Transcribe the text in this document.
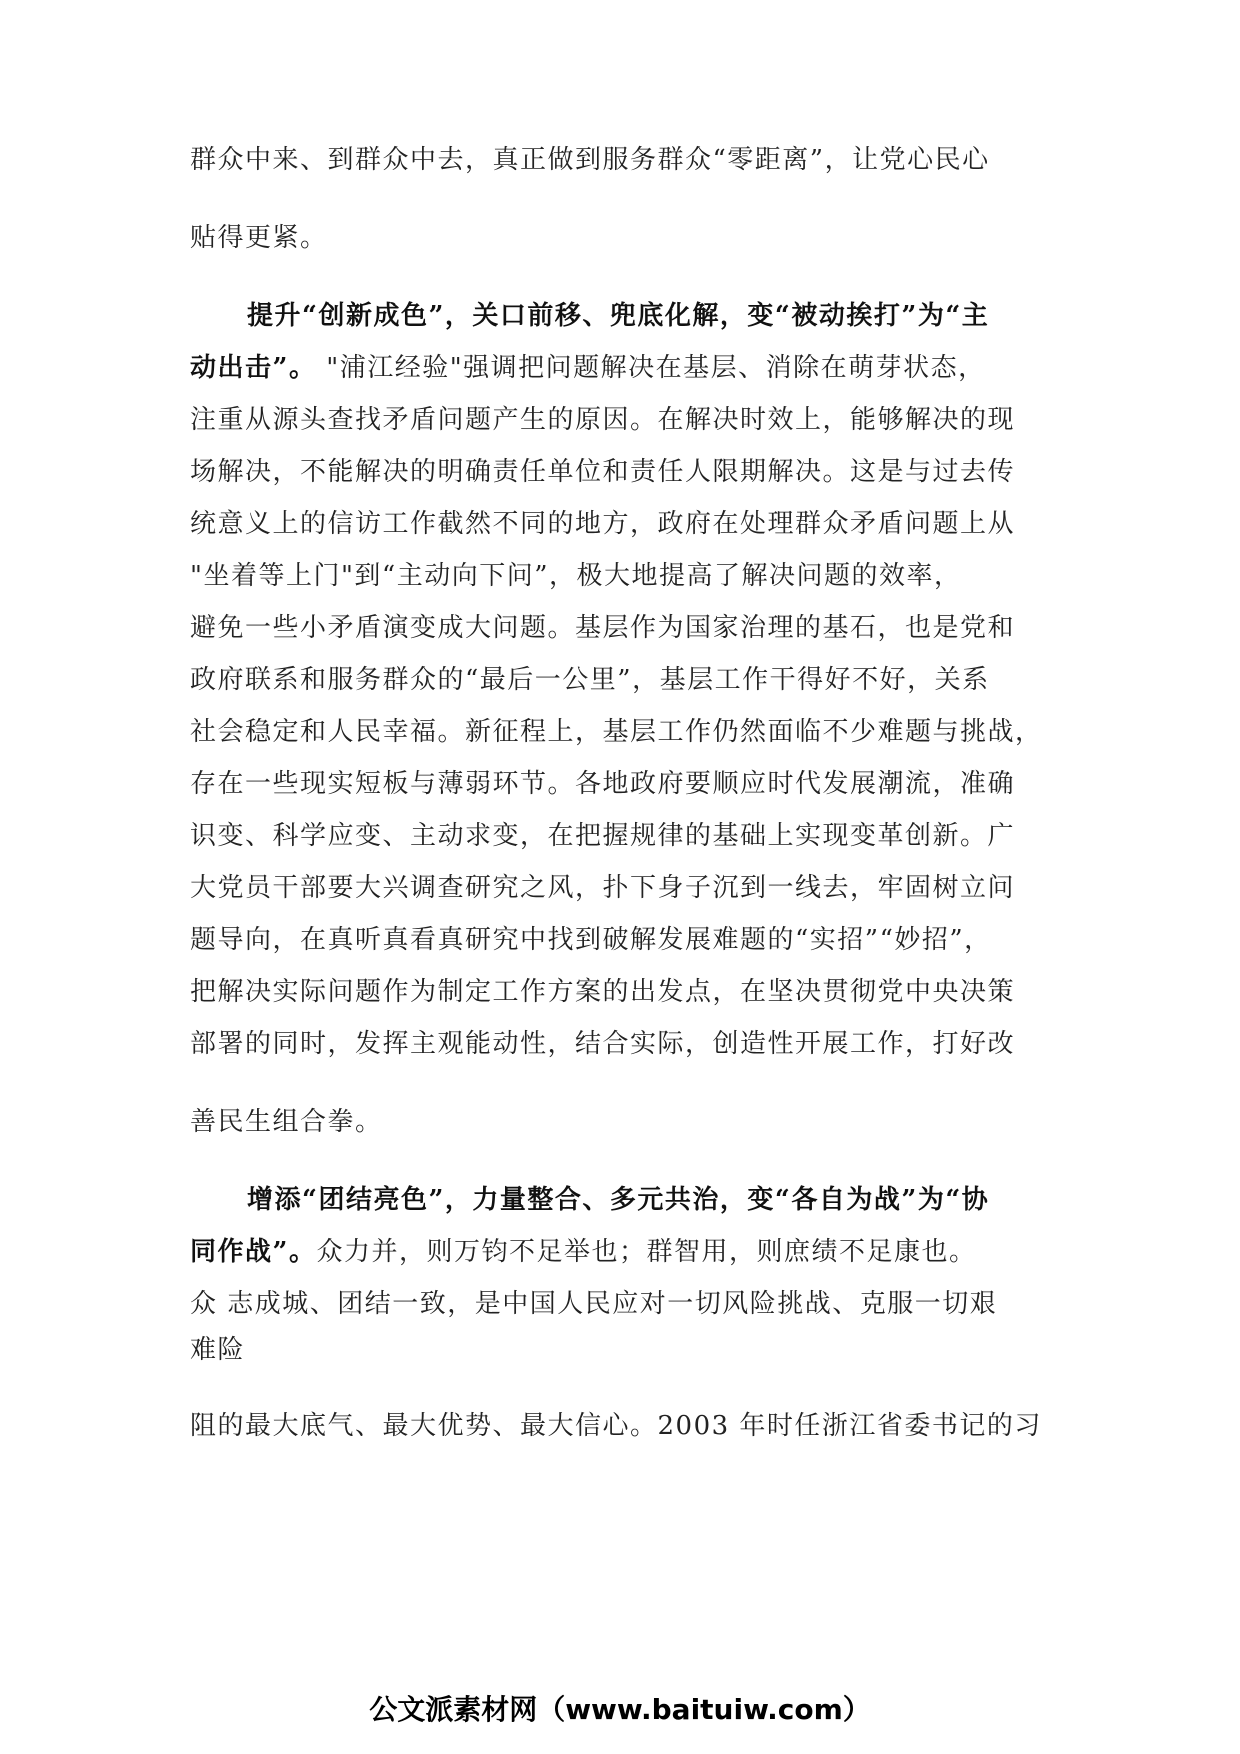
群众中来、到群众中去，真正做到服务群众“零距离”，让党心民心
贴得更紧。
提升“创新成色”，关口前移、兜底化解，变“被动挨打”为“主
动出击”。 "浦江经验"强调把问题解决在基层、消除在萌芽状态，
注重从源头查找矛盾问题产生的原因。在解决时效上，能够解决的现
场解决，不能解决的明确责任单位和责任人限期解决。这是与过去传
统意义上的信访工作截然不同的地方，政府在处理群众矛盾问题上从
"坐着等上门"到“主动向下问”，极大地提高了解决问题的效率，
避免一些小矛盾演变成大问题。基层作为国家治理的基石，也是党和
政府联系和服务群众的“最后一公里”，基层工作干得好不好，关系
社会稳定和人民幸福。新征程上，基层工作仍然面临不少难题与挑战，
存在一些现实短板与薄弱环节。各地政府要顺应时代发展潮流，准确
识变、科学应变、主动求变，在把握规律的基础上实现变革创新。广
大党员干部要大兴调查研究之风，扑下身子沉到一线去，牢固树立问
题导向，在真听真看真研究中找到破解发展难题的“实招”“妙招”，
把解决实际问题作为制定工作方案的出发点，在坚决贯彻党中央决策
部署的同时，发挥主观能动性，结合实际，创造性开展工作，打好改
善民生组合拳。
增添“团结亮色”，力量整合、多元共治，变“各自为战”为“协
同作战”。众力并，则万钧不足举也；群智用，则庶绩不足康也。
众 志成城、团结一致，是中国人民应对一切风险挑战、克服一切艰
难险
阻的最大底气、最大优势、最大信心。2003 年时任浙江省委书记的习
公文派素材网（www.baituiw.com）
